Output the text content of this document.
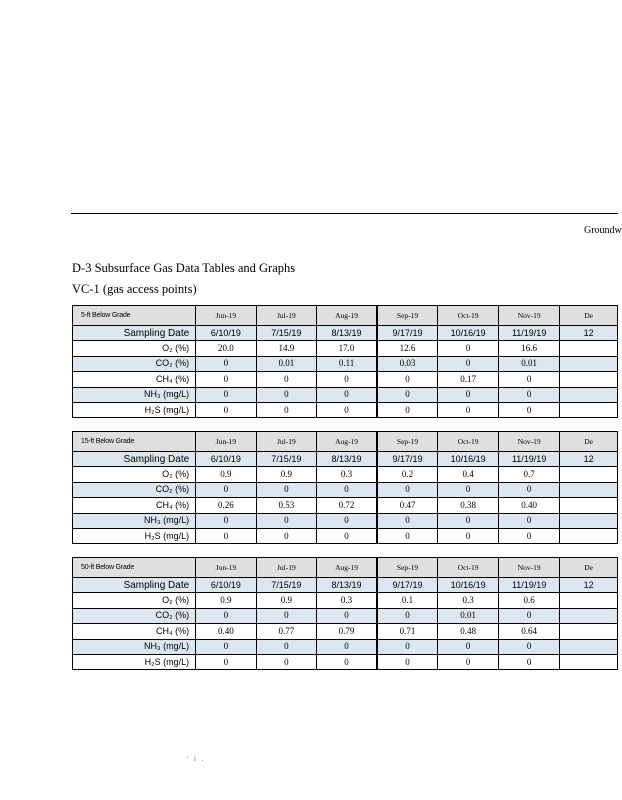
Groundw
D-3 Subsurface Gas Data Tables and Graphs
VC-1 (gas access points)
5-ft Below Grade	Jun-19	Jul-19	Aug-19	Sep-19	Oct-19	Nov-19	De
Sampling Date	6/10/19	7/15/19	8/13/19	9/17/19	10/16/19	11/19/19	12
O₂ (%)	20.0	14.9	17.0	12.6	0	16.6	
CO₂ (%)	0	0.01	0.11	0.03	0	0.01	
CH₄ (%)	0	0	0	0	0.17	0	
NH₃ (mg/L)	0	0	0	0	0	0	
H₂S (mg/L)	0	0	0	0	0	0	
15-ft Below Grade	Jun-19	Jul-19	Aug-19	Sep-19	Oct-19	Nov-19	De
Sampling Date	6/10/19	7/15/19	8/13/19	9/17/19	10/16/19	11/19/19	12
O₂ (%)	0.9	0.9	0.3	0.2	0.4	0.7	
CO₂ (%)	0	0	0	0	0	0	
CH₄ (%)	0.26	0.53	0.72	0.47	0.38	0.40	
NH₃ (mg/L)	0	0	0	0	0	0	
H₂S (mg/L)	0	0	0	0	0	0	
50-ft Below Grade	Jun-19	Jul-19	Aug-19	Sep-19	Oct-19	Nov-19	De
Sampling Date	6/10/19	7/15/19	8/13/19	9/17/19	10/16/19	11/19/19	12
O₂ (%)	0.9	0.9	0.3	0.1	0.3	0.6	
CO₂ (%)	0	0	0	0	0.01	0	
CH₄ (%)	0.40	0.77	0.79	0.71	0.48	0.64	
NH₃ (mg/L)	0	0	0	0	0	0	
H₂S (mg/L)	0	0	0	0	0	0	
' i .
